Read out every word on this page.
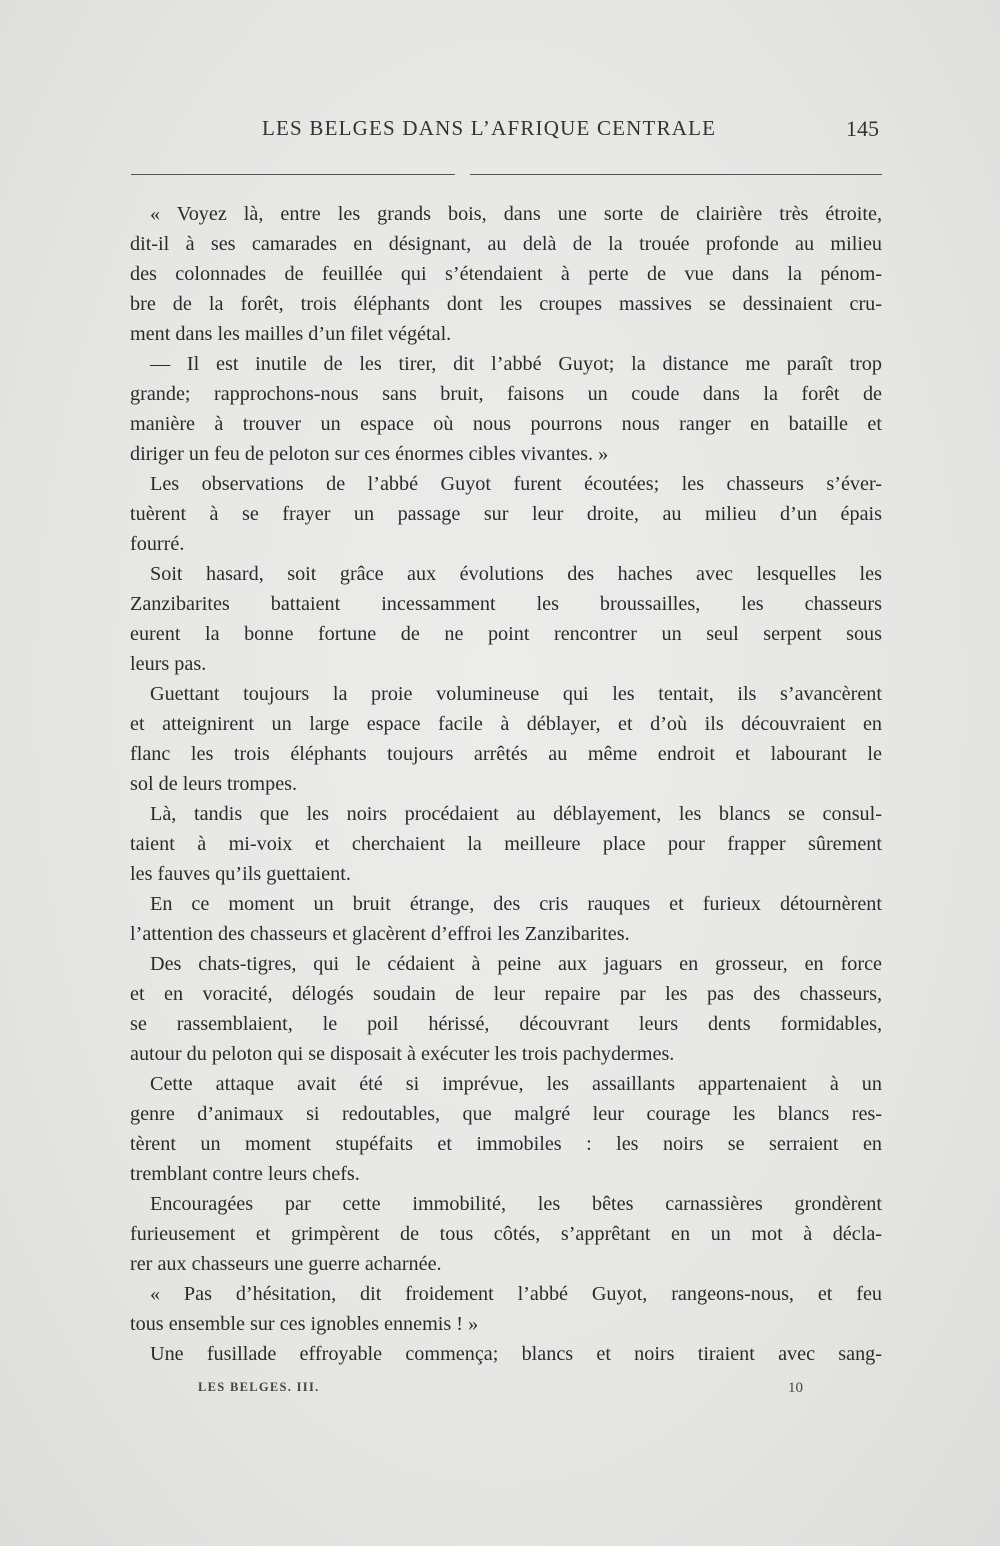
LES BELGES DANS L’AFRIQUE CENTRALE	145
« Voyez là, entre les grands bois, dans une sorte de clairière très étroite,
dit-il à ses camarades en désignant, au delà de la trouée profonde au milieu
des colonnades de feuillée qui s’étendaient à perte de vue dans la pénom-
bre de la forêt, trois éléphants dont les croupes massives se dessinaient cru-
ment dans les mailles d’un filet végétal.
— Il est inutile de les tirer, dit l’abbé Guyot; la distance me paraît trop
grande; rapprochons-nous sans bruit, faisons un coude dans la forêt de
manière à trouver un espace où nous pourrons nous ranger en bataille et
diriger un feu de peloton sur ces énormes cibles vivantes. »
Les observations de l’abbé Guyot furent écoutées; les chasseurs s’éver-
tuèrent à se frayer un passage sur leur droite, au milieu d’un épais
fourré.
Soit hasard, soit grâce aux évolutions des haches avec lesquelles les
Zanzibarites battaient incessamment les broussailles, les chasseurs
eurent la bonne fortune de ne point rencontrer un seul serpent sous
leurs pas.
Guettant toujours la proie volumineuse qui les tentait, ils s’avancèrent
et atteignirent un large espace facile à déblayer, et d’où ils découvraient en
flanc les trois éléphants toujours arrêtés au même endroit et labourant le
sol de leurs trompes.
Là, tandis que les noirs procédaient au déblayement, les blancs se consul-
taient à mi-voix et cherchaient la meilleure place pour frapper sûrement
les fauves qu’ils guettaient.
En ce moment un bruit étrange, des cris rauques et furieux détournèrent
l’attention des chasseurs et glacèrent d’effroi les Zanzibarites.
Des chats-tigres, qui le cédaient à peine aux jaguars en grosseur, en force
et en voracité, délogés soudain de leur repaire par les pas des chasseurs,
se rassemblaient, le poil hérissé, découvrant leurs dents formidables,
autour du peloton qui se disposait à exécuter les trois pachydermes.
Cette attaque avait été si imprévue, les assaillants appartenaient à un
genre d’animaux si redoutables, que malgré leur courage les blancs res-
tèrent un moment stupéfaits et immobiles : les noirs se serraient en
tremblant contre leurs chefs.
Encouragées par cette immobilité, les bêtes carnassières grondèrent
furieusement et grimpèrent de tous côtés, s’apprêtant en un mot à décla-
rer aux chasseurs une guerre acharnée.
« Pas d’hésitation, dit froidement l’abbé Guyot, rangeons-nous, et feu
tous ensemble sur ces ignobles ennemis ! »
Une fusillade effroyable commença; blancs et noirs tiraient avec sang-
LES BELGES. III.	10
